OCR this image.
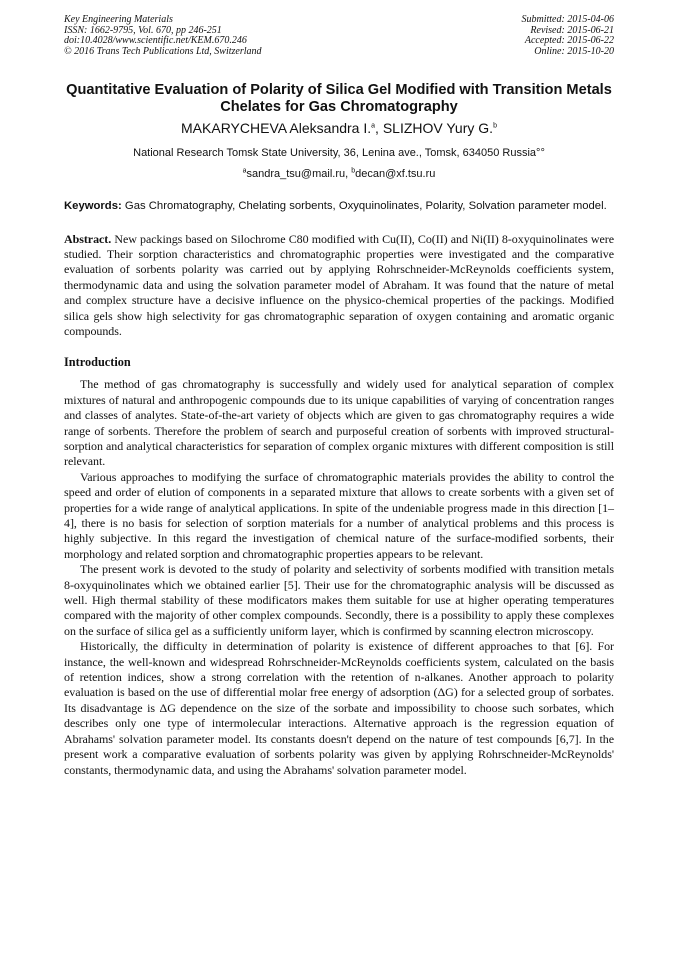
Key Engineering Materials
ISSN: 1662-9795, Vol. 670, pp 246-251
doi:10.4028/www.scientific.net/KEM.670.246
© 2016 Trans Tech Publications Ltd, Switzerland
Submitted: 2015-04-06
Revised: 2015-06-21
Accepted: 2015-06-22
Online: 2015-10-20
Quantitative Evaluation of Polarity of Silica Gel Modified with Transition Metals Chelates for Gas Chromatography
MAKARYCHEVA Aleksandra I.$^a$, SLIZHOV Yury G.$^b$
National Research Tomsk State University, 36, Lenina ave., Tomsk, 634050 Russia°°
$^a$sandra_tsu@mail.ru, $^b$decan@xf.tsu.ru
Keywords: Gas Chromatography, Chelating sorbents, Oxyquinolinates, Polarity, Solvation parameter model.
Abstract. New packings based on Silochrome C80 modified with Cu(II), Co(II) and Ni(II) 8-oxyquinolinates were studied. Their sorption characteristics and chromatographic properties were investigated and the comparative evaluation of sorbents polarity was carried out by applying Rohrschneider-McReynolds coefficients system, thermodynamic data and using the solvation parameter model of Abraham. It was found that the nature of metal and complex structure have a decisive influence on the physico-chemical properties of the packings. Modified silica gels show high selectivity for gas chromatographic separation of oxygen containing and aromatic organic compounds.
Introduction

The method of gas chromatography is successfully and widely used for analytical separation of complex mixtures of natural and anthropogenic compounds due to its unique capabilities of varying of concentration ranges and classes of analytes. State-of-the-art variety of objects which are given to gas chromatography requires a wide range of sorbents. Therefore the problem of search and purposeful creation of sorbents with improved structural-sorption and analytical characteristics for separation of complex organic mixtures with different composition is still relevant.

Various approaches to modifying the surface of chromatographic materials provides the ability to control the speed and order of elution of components in a separated mixture that allows to create sorbents with a given set of properties for a wide range of analytical applications. In spite of the undeniable progress made in this direction [1–4], there is no basis for selection of sorption materials for a number of analytical problems and this process is highly subjective. In this regard the investigation of chemical nature of the surface-modified sorbents, their morphology and related sorption and chromatographic properties appears to be relevant.

The present work is devoted to the study of polarity and selectivity of sorbents modified with transition metals 8-oxyquinolinates which we obtained earlier [5]. Their use for the chromatographic analysis will be discussed as well. High thermal stability of these modificators makes them suitable for use at higher operating temperatures compared with the majority of other complex compounds. Secondly, there is a possibility to apply these complexes on the surface of silica gel as a sufficiently uniform layer, which is confirmed by scanning electron microscopy.

Historically, the difficulty in determination of polarity is existence of different approaches to that [6]. For instance, the well-known and widespread Rohrschneider-McReynolds coefficients system, calculated on the basis of retention indices, show a strong correlation with the retention of n-alkanes. Another approach to polarity evaluation is based on the use of differential molar free energy of adsorption (ΔG) for a selected group of sorbates. Its disadvantage is ΔG dependence on the size of the sorbate and impossibility to choose such sorbates, which describes only one type of intermolecular interactions. Alternative approach is the regression equation of Abrahams' solvation parameter model. Its constants doesn't depend on the nature of test compounds [6,7]. In the present work a comparative evaluation of sorbents polarity was given by applying Rohrschneider-McReynolds' constants, thermodynamic data, and using the Abrahams' solvation parameter model.
